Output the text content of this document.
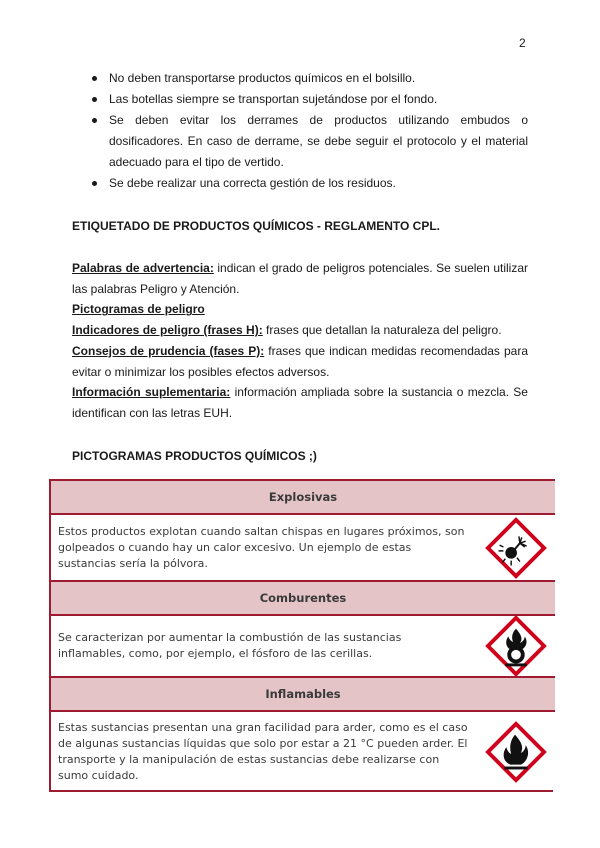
2
No deben transportarse productos químicos en el bolsillo.
Las botellas siempre se transportan sujetándose por el fondo.
Se deben evitar los derrames de productos utilizando embudos o dosificadores. En caso de derrame, se debe seguir el protocolo y el material adecuado para el tipo de vertido.
Se debe realizar una correcta gestión de los residuos.
ETIQUETADO DE PRODUCTOS QUÍMICOS - REGLAMENTO CPL.

Palabras de advertencia: indican el grado de peligros potenciales. Se suelen utilizar las palabras Peligro y Atención.

Pictogramas de peligro

Indicadores de peligro (frases H): frases que detallan la naturaleza del peligro.

Consejos de prudencia (fases P): frases que indican medidas recomendadas para evitar o minimizar los posibles efectos adversos.

Información suplementaria: información ampliada sobre la sustancia o mezcla. Se identifican con las letras EUH.

PICTOGRAMAS PRODUCTOS QUÍMICOS ;)
Explosivas
Estos productos explotan cuando saltan chispas en lugares próximos, son golpeados o cuando hay un calor excesivo. Un ejemplo de estas sustancias sería la pólvora.
Comburentes
Se caracterizan por aumentar la combustión de las sustancias inflamables, como, por ejemplo, el fósforo de las cerillas.
Inflamables
Estas sustancias presentan una gran facilidad para arder, como es el caso de algunas sustancias líquidas que solo por estar a 21 °C pueden arder. El transporte y la manipulación de estas sustancias debe realizarse con sumo cuidado.
